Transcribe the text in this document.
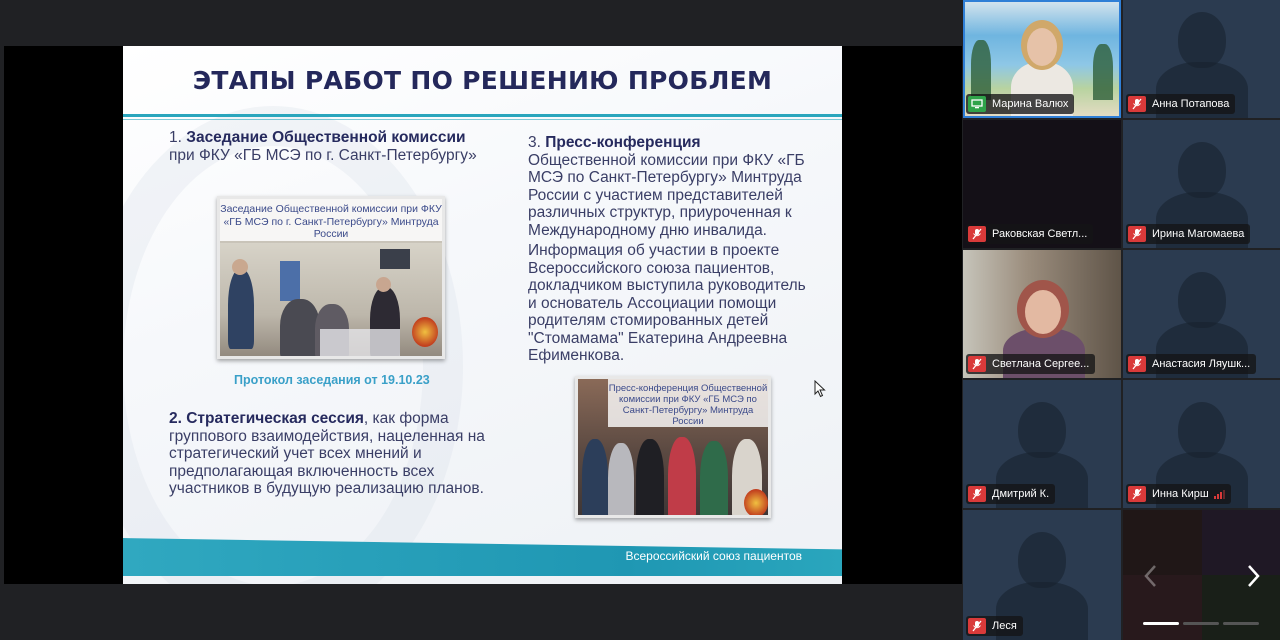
ЭТАПЫ РАБОТ ПО РЕШЕНИЮ ПРОБЛЕМ
1. Заседание Общественной комиссии
при ФКУ «ГБ МСЭ по г. Санкт-Петербургу»
Заседание Общественной комиссии при ФКУ «ГБ МСЭ по г. Санкт-Петербургу» Минтруда России
Протокол заседания от 19.10.23
2. Стратегическая сессия, как форма группового взаимодействия, нацеленная на стратегический учет всех мнений и предполагающая включенность всех участников в будущую реализацию планов.
3. Пресс-конференция
Общественной комиссии при ФКУ «ГБ МСЭ по Санкт-Петербургу» Минтруда России с участием представителей различных структур, приуроченная к Международному дню инвалида.
Информация об участии в проекте Всероссийского союза пациентов, докладчиком выступила руководитель и основатель Ассоциации помощи родителям стомированных детей "Стомамама" Екатерина Андреевна Ефименкова.
Пресс-конференция Общественной комиссии при ФКУ «ГБ МСЭ по Санкт-Петербургу» Минтруда России
Всероссийский союз пациентов
Марина Валюх	Анна Потапова
Раковская Светл...	Ирина Магомаева
Светлана Сергее...	Анастасия Ляушк...
Дмитрий К.	Инна Кирш
Леся
